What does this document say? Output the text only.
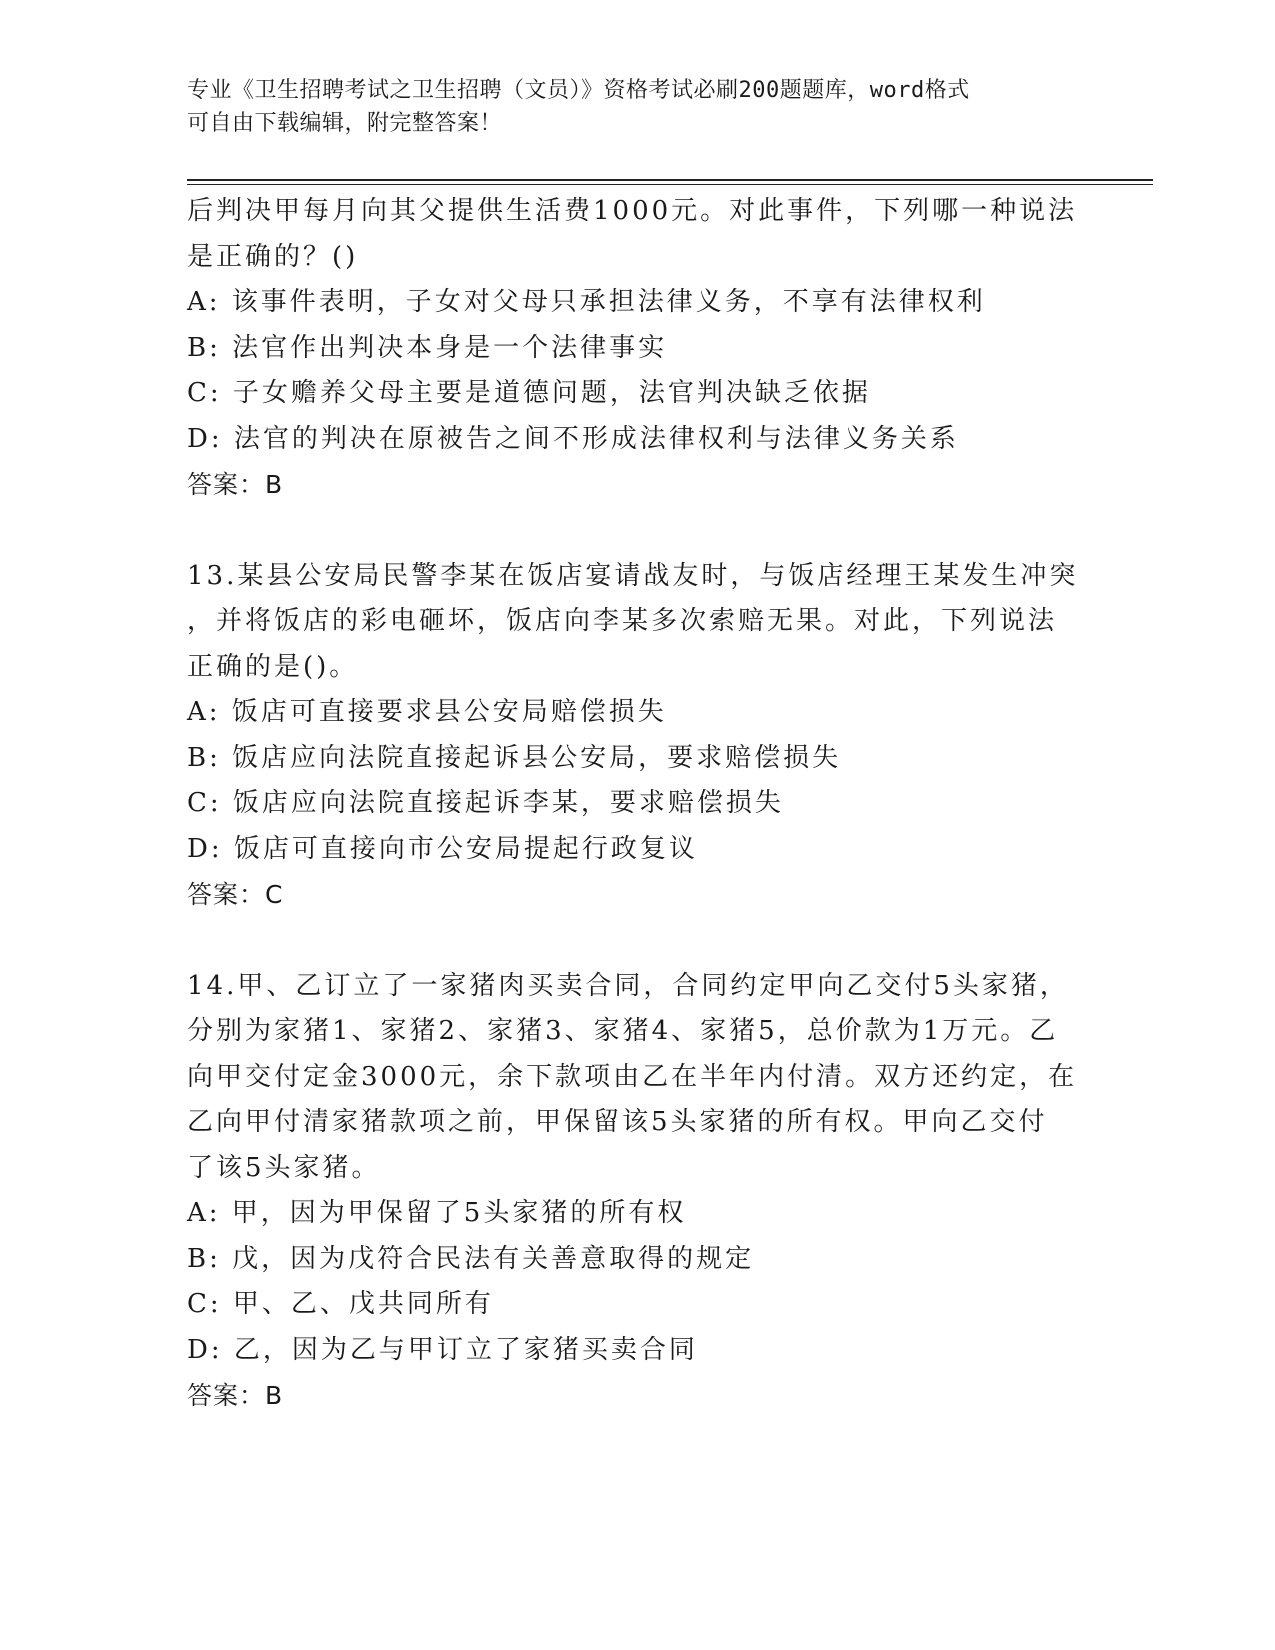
专业《卫生招聘考试之卫生招聘（文员）》资格考试必刷200题题库，word格式
可自由下载编辑，附完整答案！
后判决甲每月向其父提供生活费1000元。对此事件，下列哪一种说法
是正确的？()
A: 该事件表明，子女对父母只承担法律义务，不享有法律权利
B: 法官作出判决本身是一个法律事实
C: 子女赡养父母主要是道德问题，法官判决缺乏依据
D: 法官的判决在原被告之间不形成法律权利与法律义务关系
答案：B
13.某县公安局民警李某在饭店宴请战友时，与饭店经理王某发生冲突
，并将饭店的彩电砸坏，饭店向李某多次索赔无果。对此，下列说法
正确的是()。
A: 饭店可直接要求县公安局赔偿损失
B: 饭店应向法院直接起诉县公安局，要求赔偿损失
C: 饭店应向法院直接起诉李某，要求赔偿损失
D: 饭店可直接向市公安局提起行政复议
答案：C
14.甲、乙订立了一家猪肉买卖合同，合同约定甲向乙交付5头家猪，
分别为家猪1、家猪2、家猪3、家猪4、家猪5，总价款为1万元。乙
向甲交付定金3000元，余下款项由乙在半年内付清。双方还约定，在
乙向甲付清家猪款项之前，甲保留该5头家猪的所有权。甲向乙交付
了该5头家猪。
A: 甲，因为甲保留了5头家猪的所有权
B: 戊，因为戊符合民法有关善意取得的规定
C: 甲、乙、戊共同所有
D: 乙，因为乙与甲订立了家猪买卖合同
答案：B
